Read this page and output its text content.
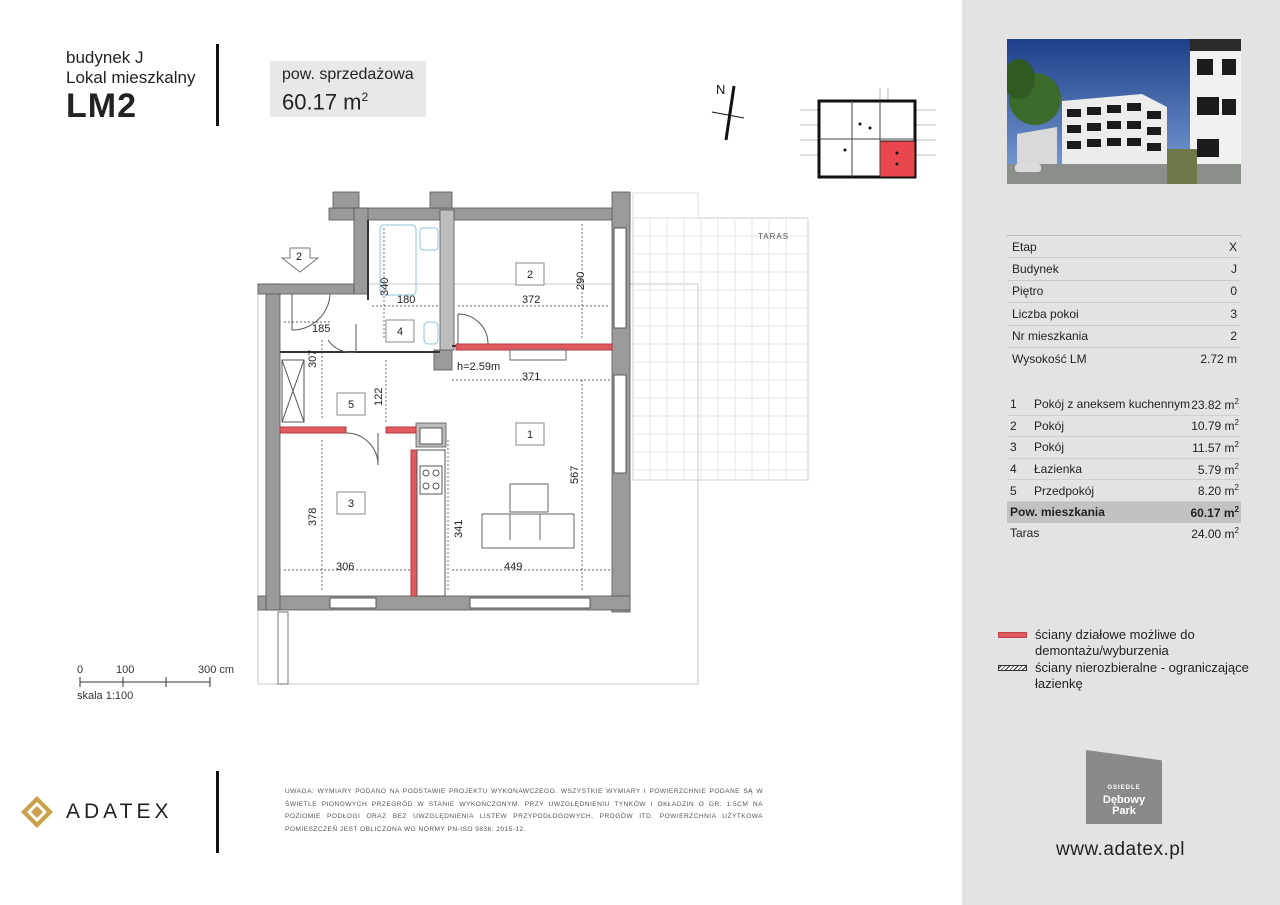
budynek J
Lokal mieszkalny
LM2
pow. sprzedażowa
60.17 $m^2$
Etap	X
Budynek	J
Piętro	0
Liczba pokoi	3
Nr mieszkania	2
Wysokość LM	2.72 m
1	Pokój z aneksem kuchennym 23.82 $m^2$
2	Pokój	10.79 $m^2$
3	Pokój	11.57 $m^2$
4	Łazienka	5.79 $m^2$
5	Przedpokój	8.20 $m^2$
Pow. mieszkania	60.17 $m^2$
Taras	24.00 $m^2$
ściany działowe możliwe do demontażu/wyburzenia
ściany nierozbieralne - ograniczające łazienkę
OSIEDLE
Dębowy
Park
www.adatex.pl
ADATEX
UWAGA: WYMIARY PODANO NA PODSTAWIE PROJEKTU WYKONAWCZEGO. WSZYSTKIE WYMIARY I POWIERZCHNIE PODANE SĄ W ŚWIETLE PIONOWYCH PRZEGRÓD W STANIE WYKOŃCZONYM. PRZY UWZGLĘDNIENIU TYNKÓW I OKŁADZIN O GR. 1.5CM NA POZIOMIE PODŁOGI ORAZ BEZ UWZGLĘDNIENIA LISTEW PRZYPODŁOGOWYCH, PROGÓW ITD. POWIERZCHNIA UŻYTKOWA POMIESZCZEŃ JEST OBLICZONA WG NORMY PN-ISO 9836: 2015-12.
0	100	300 cm
skala 1:100
TARAS
2
340
180	372
290
185
307
371
122
567
378
341
306	449
h=2.59m
2
4
5
1
3
N
